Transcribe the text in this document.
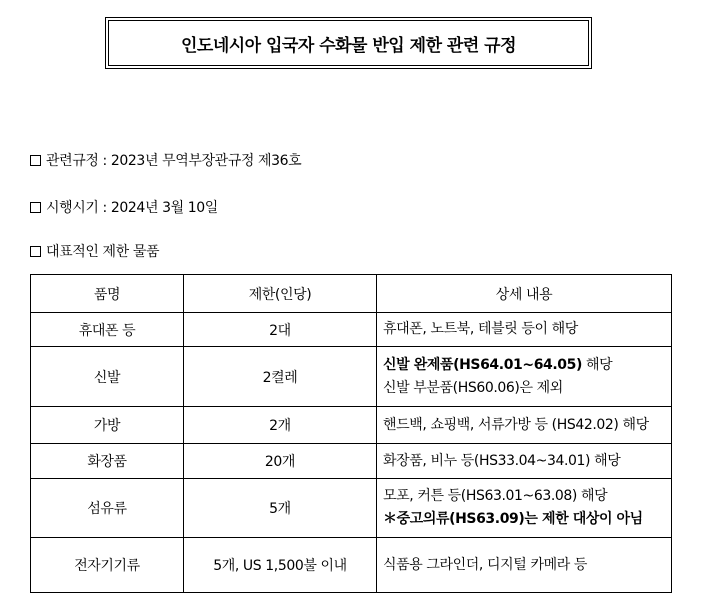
인도네시아 입국자 수화물 반입 제한 관련 규정
관련규정 : 2023년 무역부장관규정 제36호
시행시기 : 2024년 3월 10일
대표적인 제한 물품
품명	제한(인당)	상세 내용
휴대폰 등	2대	휴대폰, 노트북, 테블릿 등이 해당

신발	2켤레	신발 완제품(HS64.01~64.05) 해당
신발 부분품(HS60.06)은 제외

가방	2개	핸드백, 쇼핑백, 서류가방 등 (HS42.02) 해당

화장품	20개	화장품, 비누 등(HS33.04~34.01) 해당

섬유류	5개	모포, 커튼 등(HS63.01~63.08) 해당
＊중고의류(HS63.09)는 제한 대상이 아님

전자기기류	5개, US 1,500불 이내	식품용 그라인더, 디지털 카메라 등
